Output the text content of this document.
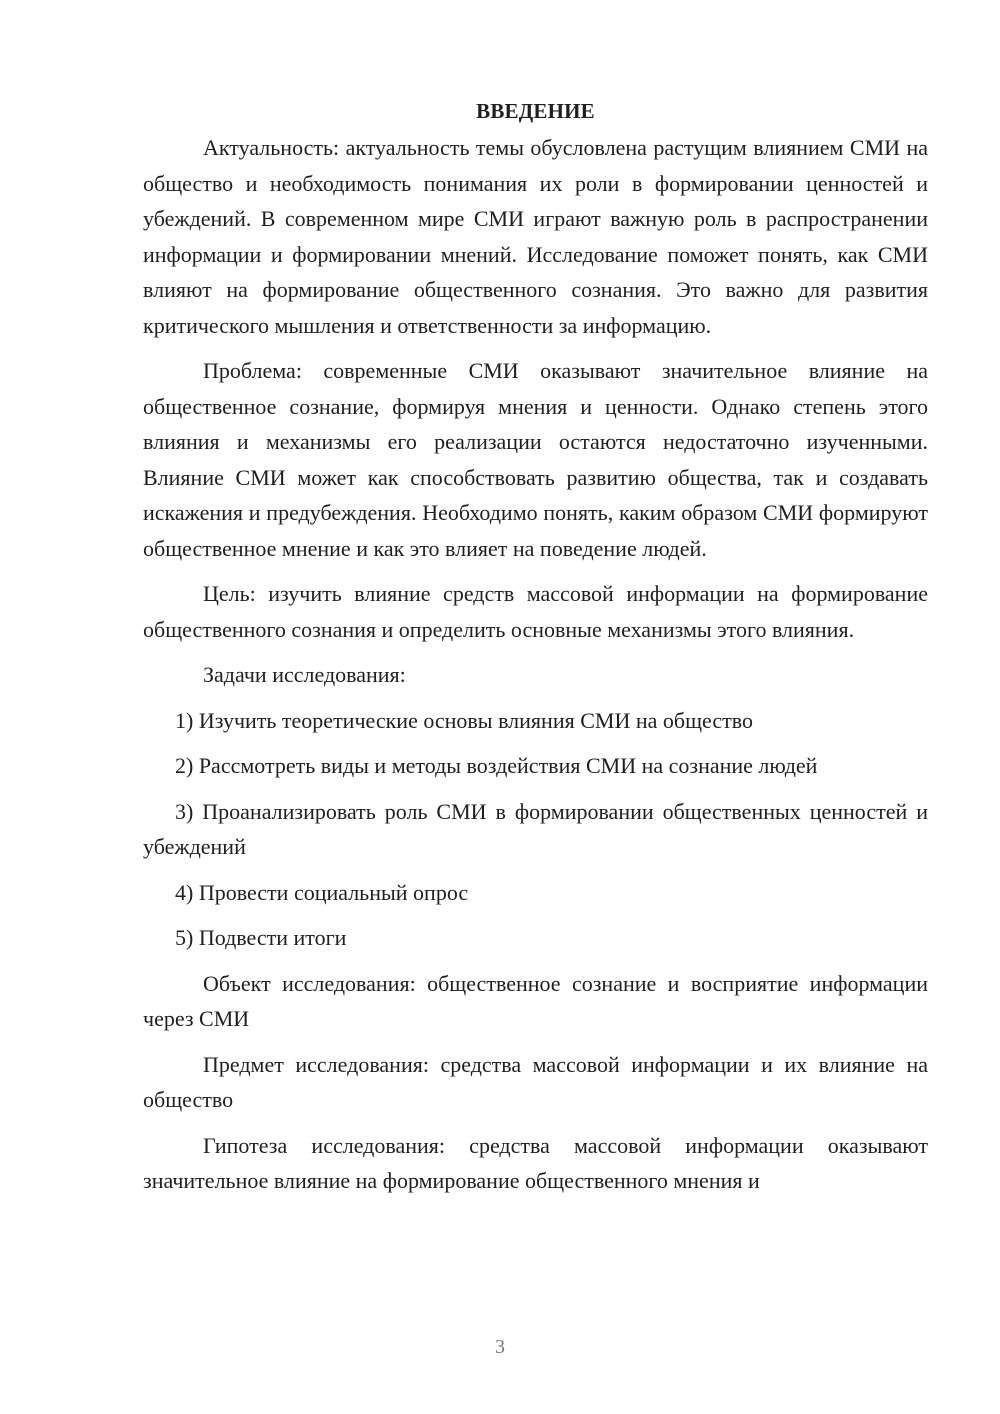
ВВЕДЕНИЕ

Актуальность: актуальность темы обусловлена растущим влиянием СМИ на общество и необходимость понимания их роли в формировании ценностей и убеждений. В современном мире СМИ играют важную роль в распространении информации и формировании мнений. Исследование поможет понять, как СМИ влияют на формирование общественного сознания. Это важно для развития критического мышления и ответственности за информацию.

Проблема: современные СМИ оказывают значительное влияние на общественное сознание, формируя мнения и ценности. Однако степень этого влияния и механизмы его реализации остаются недостаточно изученными. Влияние СМИ может как способствовать развитию общества, так и создавать искажения и предубеждения. Необходимо понять, каким образом СМИ формируют общественное мнение и как это влияет на поведение людей.

Цель: изучить влияние средств массовой информации на формирование общественного сознания и определить основные механизмы этого влияния.

Задачи исследования:

1) Изучить теоретические основы влияния СМИ на общество

2) Рассмотреть виды и методы воздействия СМИ на сознание людей

3) Проанализировать роль СМИ в формировании общественных ценностей и убеждений

4) Провести социальный опрос

5) Подвести итоги

Объект исследования: общественное сознание и восприятие информации через СМИ

Предмет исследования: средства массовой информации и их влияние на общество

Гипотеза исследования: средства массовой информации оказывают значительное влияние на формирование общественного мнения и

3
